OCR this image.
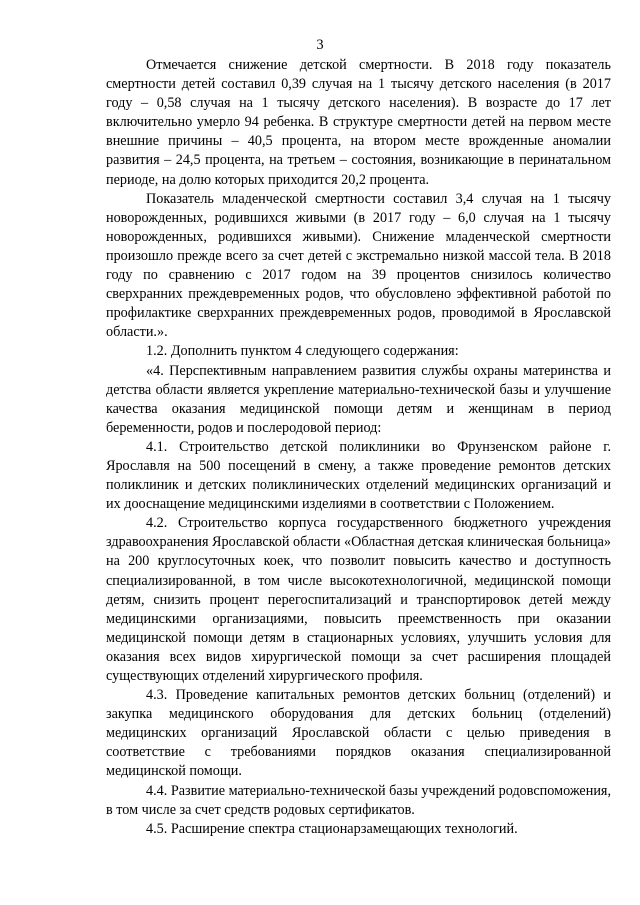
3

Отмечается снижение детской смертности. В 2018 году показатель смертности детей составил 0,39 случая на 1 тысячу детского населения (в 2017 году – 0,58 случая на 1 тысячу детского населения). В возрасте до 17 лет включительно умерло 94 ребенка. В структуре смертности детей на первом месте внешние причины – 40,5 процента, на втором месте врожденные аномалии развития – 24,5 процента, на третьем – состояния, возникающие в перинатальном периоде, на долю которых приходится 20,2 процента.

Показатель младенческой смертности составил 3,4 случая на 1 тысячу новорожденных, родившихся живыми (в 2017 году – 6,0 случая на 1 тысячу новорожденных, родившихся живыми). Снижение младенческой смертности произошло прежде всего за счет детей с экстремально низкой массой тела. В 2018 году по сравнению с 2017 годом на 39 процентов снизилось количество сверхранних преждевременных родов, что обусловлено эффективной работой по профилактике сверхранних преждевременных родов, проводимой в Ярославской области.».

1.2. Дополнить пунктом 4 следующего содержания:

«4. Перспективным направлением развития службы охраны материнства и детства области является укрепление материально-технической базы и улучшение качества оказания медицинской помощи детям и женщинам в период беременности, родов и послеродовой период:

4.1. Строительство детской поликлиники во Фрунзенском районе г. Ярославля на 500 посещений в смену, а также проведение ремонтов детских поликлиник и детских поликлинических отделений медицинских организаций и их дооснащение медицинскими изделиями в соответствии с Положением.

4.2. Строительство корпуса государственного бюджетного учреждения здравоохранения Ярославской области «Областная детская клиническая больница» на 200 круглосуточных коек, что позволит повысить качество и доступность специализированной, в том числе высокотехнологичной, медицинской помощи детям, снизить процент перегоспитализаций и транспортировок детей между медицинскими организациями, повысить преемственность при оказании медицинской помощи детям в стационарных условиях, улучшить условия для оказания всех видов хирургической помощи за счет расширения площадей существующих отделений хирургического профиля.

4.3. Проведение капитальных ремонтов детских больниц (отделений) и закупка медицинского оборудования для детских больниц (отделений) медицинских организаций Ярославской области с целью приведения в соответствие с требованиями порядков оказания специализированной медицинской помощи.

4.4. Развитие материально-технической базы учреждений родовспоможения, в том числе за счет средств родовых сертификатов.

4.5. Расширение спектра стационарзамещающих технологий.
